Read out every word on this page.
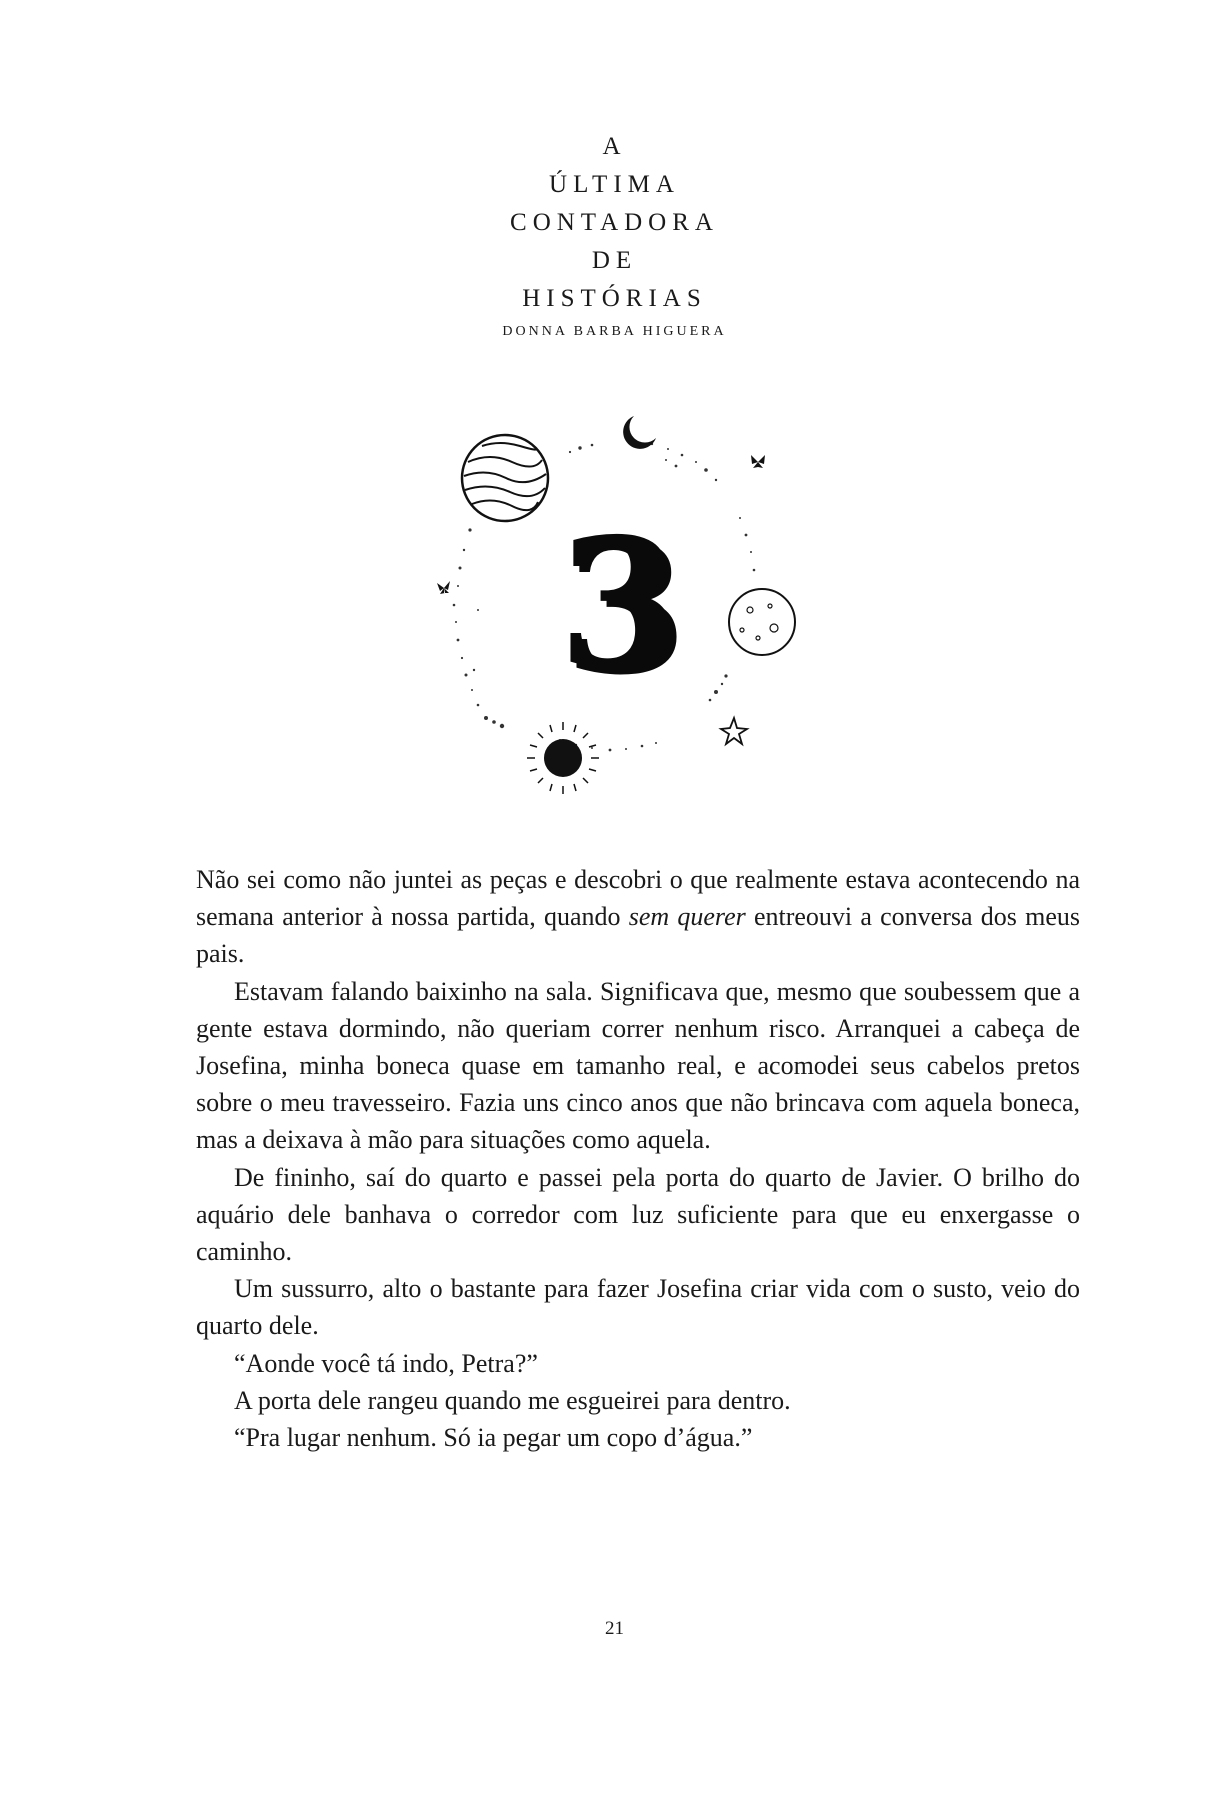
A
ÚLTIMA
CONTADORA
DE
HISTÓRIAS
DONNA BARBA HIGUERA
3

Não sei como não juntei as peças e descobri o que realmente estava acontecendo na semana anterior à nossa partida, quando sem querer entreouvi a conversa dos meus pais.

Estavam falando baixinho na sala. Significava que, mesmo que soubessem que a gente estava dormindo, não queriam correr nenhum risco. Arranquei a cabeça de Josefina, minha boneca quase em tamanho real, e acomodei seus cabelos pretos sobre o meu travesseiro. Fazia uns cinco anos que não brincava com aquela boneca, mas a deixava à mão para situações como aquela.

De fininho, saí do quarto e passei pela porta do quarto de Javier. O brilho do aquário dele banhava o corredor com luz suficiente para que eu enxergasse o caminho.

Um sussurro, alto o bastante para fazer Josefina criar vida com o susto, veio do quarto dele.

“Aonde você tá indo, Petra?”

A porta dele rangeu quando me esgueirei para dentro.

“Pra lugar nenhum. Só ia pegar um copo d’água.”

21
